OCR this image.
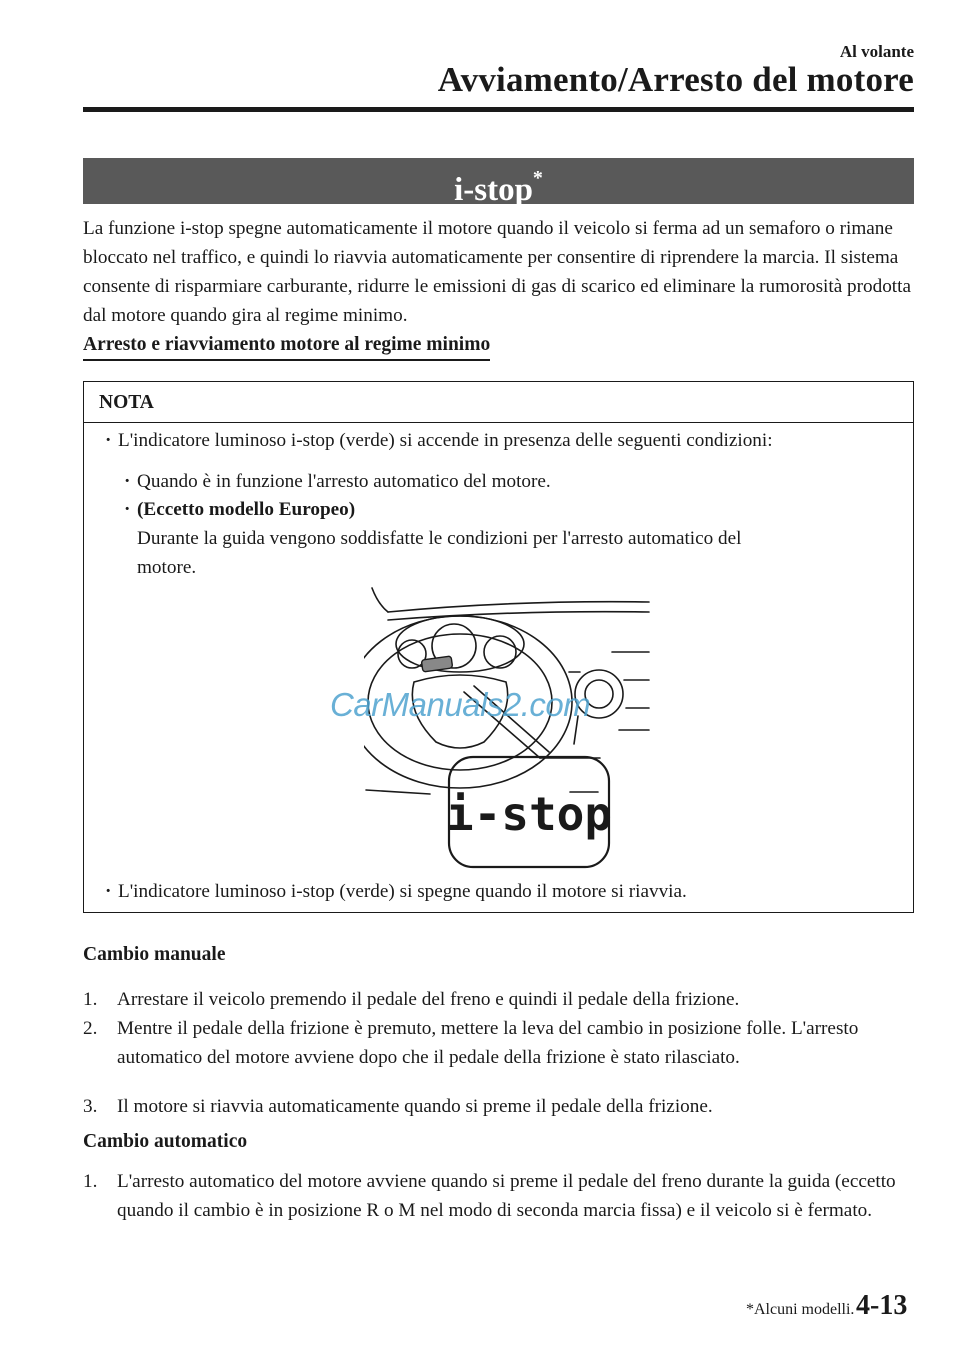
Al volante
Avviamento/Arresto del motore
i-stop*

La funzione i-stop spegne automaticamente il motore quando il veicolo si ferma ad un semaforo o rimane bloccato nel traffico, e quindi lo riavvia automaticamente per consentire di riprendere la marcia. Il sistema consente di risparmiare carburante, ridurre le emissioni di gas di scarico ed eliminare la rumorosità prodotta dal motore quando gira al regime minimo.

Arresto e riavviamento motore al regime minimo
NOTA
· L'indicatore luminoso i-stop (verde) si accende in presenza delle seguenti condizioni:
· Quando è in funzione l'arresto automatico del motore.
· (Eccetto modello Europeo)
Durante la guida vengono soddisfatte le condizioni per l'arresto automatico del
motore.
i-stop
CarManuals2.com
· L'indicatore luminoso i-stop (verde) si spegne quando il motore si riavvia.
Cambio manuale
1. Arrestare il veicolo premendo il pedale del freno e quindi il pedale della frizione.
2. Mentre il pedale della frizione è premuto, mettere la leva del cambio in posizione folle. L'arresto automatico del motore avviene dopo che il pedale della frizione è stato rilasciato.
3. Il motore si riavvia automaticamente quando si preme il pedale della frizione.
Cambio automatico
1. L'arresto automatico del motore avviene quando si preme il pedale del freno durante la guida (eccetto quando il cambio è in posizione R o M nel modo di seconda marcia fissa) e il veicolo si è fermato.
*Alcuni modelli. 4-13
